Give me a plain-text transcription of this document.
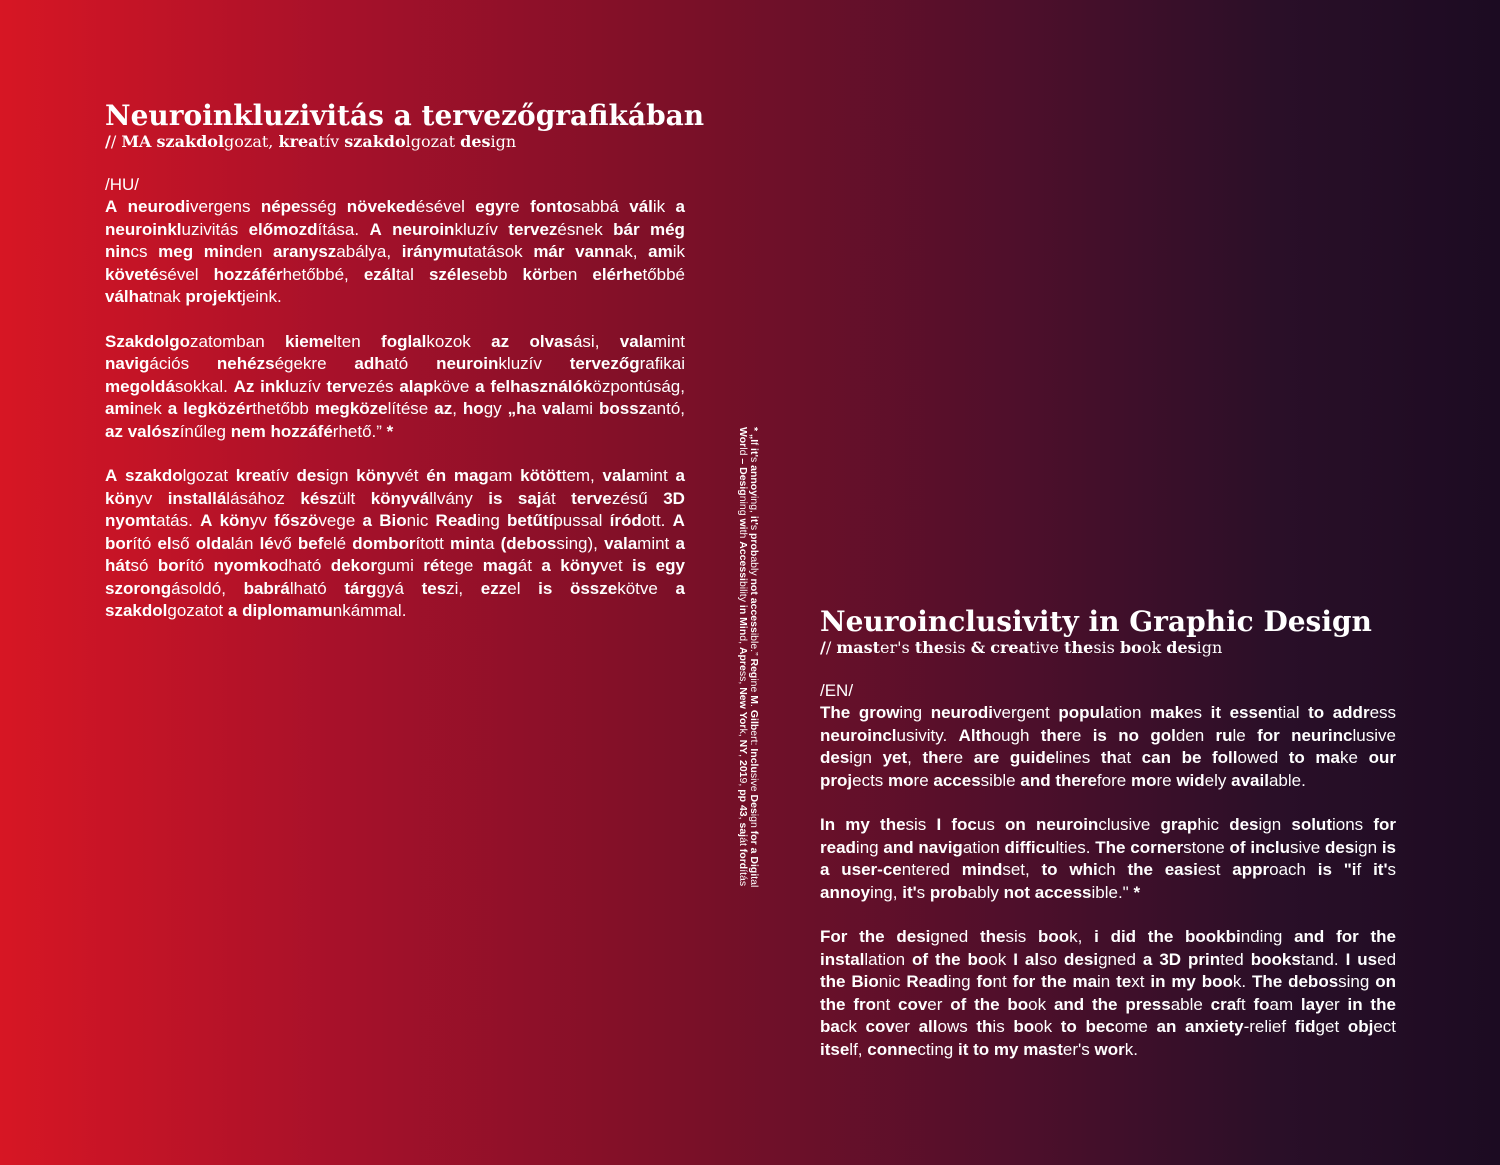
Neuroinkluzivitás a tervezőgrafikában
// MA szakdolgozat, kreatív szakdolgozat design
/HU/

A neurodivergens népesség növekedésével egyre fontosabbá válik a neuroinkluzivitás előmozdítása. A neuroinkluzív tervezésnek bár még nincs meg minden aranyszabálya, iránymutatások már vannak, amik követésével hozzáférhetőbbé, ezáltal szélesebb körben elérhetőbbé válhatnak projektjeink.

Szakdolgozatomban kiemelten foglalkozok az olvasási, valamint navigációs nehézségekre adható neuroinkluzív tervezőgrafikai megoldásokkal. Az inkluzív tervezés alapköve a felhasználóközpontúság, aminek a legközérthetőbb megközelítése az, hogy „ha valami bosszantó, az valószínűleg nem hozzáférhető.” *

A szakdolgozat kreatív design könyvét én magam kötöttem, valamint a könyv installálásához készült könyvállvány is saját tervezésű 3D nyomtatás. A könyv főszövege a Bionic Reading betűtípussal íródott. A borító első oldalán lévő befelé domborított minta (debossing), valamint a hátsó borító nyomkodható dekorgumi rétege magát a könyvet is egy szorongásoldó, babrálható tárggyá teszi, ezzel is összekötve a szakdolgozatot a diplomamunkámmal.

* „If it's annoying, it's probably not accessible.” Regine M. Gilbert: Inclusive Design for a Digital
World – Designing with Accessibility in Mind, Apress, New York, NY, 2019, pp 43, saját fordítás
Neuroinclusivity in Graphic Design
// master's thesis & creative thesis book design
/EN/

The growing neurodivergent population makes it essential to address neuroinclusivity. Although there is no golden rule for neurinclusive design yet, there are guidelines that can be followed to make our projects more accessible and therefore more widely available.

In my thesis I focus on neuroinclusive graphic design solutions for reading and navigation difficulties. The cornerstone of inclusive design is a user-centered mindset, to which the easiest approach is "if it's annoying, it's probably not accessible." *

For the designed thesis book, i did the bookbinding and for the installation of the book I also designed a 3D printed bookstand. I used the Bionic Reading font for the main text in my book. The debossing on the front cover of the book and the pressable craft foam layer in the back cover allows this book to become an anxiety-relief fidget object itself, connecting it to my master's work.
